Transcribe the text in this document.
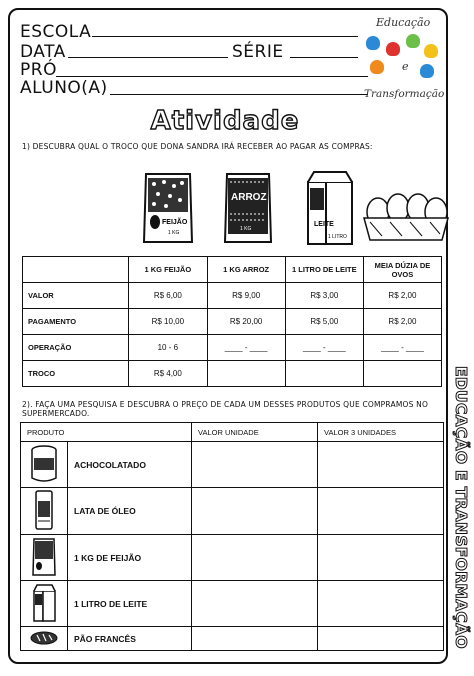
ESCOLA
DATA	SÉRIE
PRÓ
ALUNO(A)
Educação
e
Transformação
Atividade
1) DESCUBRA QUAL O TROCO QUE DONA SANDRA IRÁ RECEBER AO PAGAR AS COMPRAS:
FEIJÃO
1 KG
ARROZ
1 KG
LEITE
1 LITRO
	1 KG FEIJÃO	1 KG ARROZ	1 LITRO DE LEITE	MEIA DÚZIA DE OVOS
VALOR	R$ 6,00	R$ 9,00	R$ 3,00	R$ 2,00
PAGAMENTO	R$ 10,00	R$ 20,00	R$ 5,00	R$ 2,00
OPERAÇÃO	10 - 6	____ - ____	____ - ____	____ - ____
TROCO	R$ 4,00			
2). FAÇA UMA PESQUISA E DESCUBRA O PREÇO DE CADA UM DESSES PRODUTOS QUE COMPRAMOS NO SUPERMERCADO.
PRODUTO		VALOR UNIDADE	VALOR 3 UNIDADES
	ACHOCOLATADO		
	LATA DE ÓLEO		
	1 KG DE FEIJÃO		
	1 LITRO DE LEITE		
	PÃO FRANCÊS			EDUCAÇÃO E TRANSFORMAÇÃO
